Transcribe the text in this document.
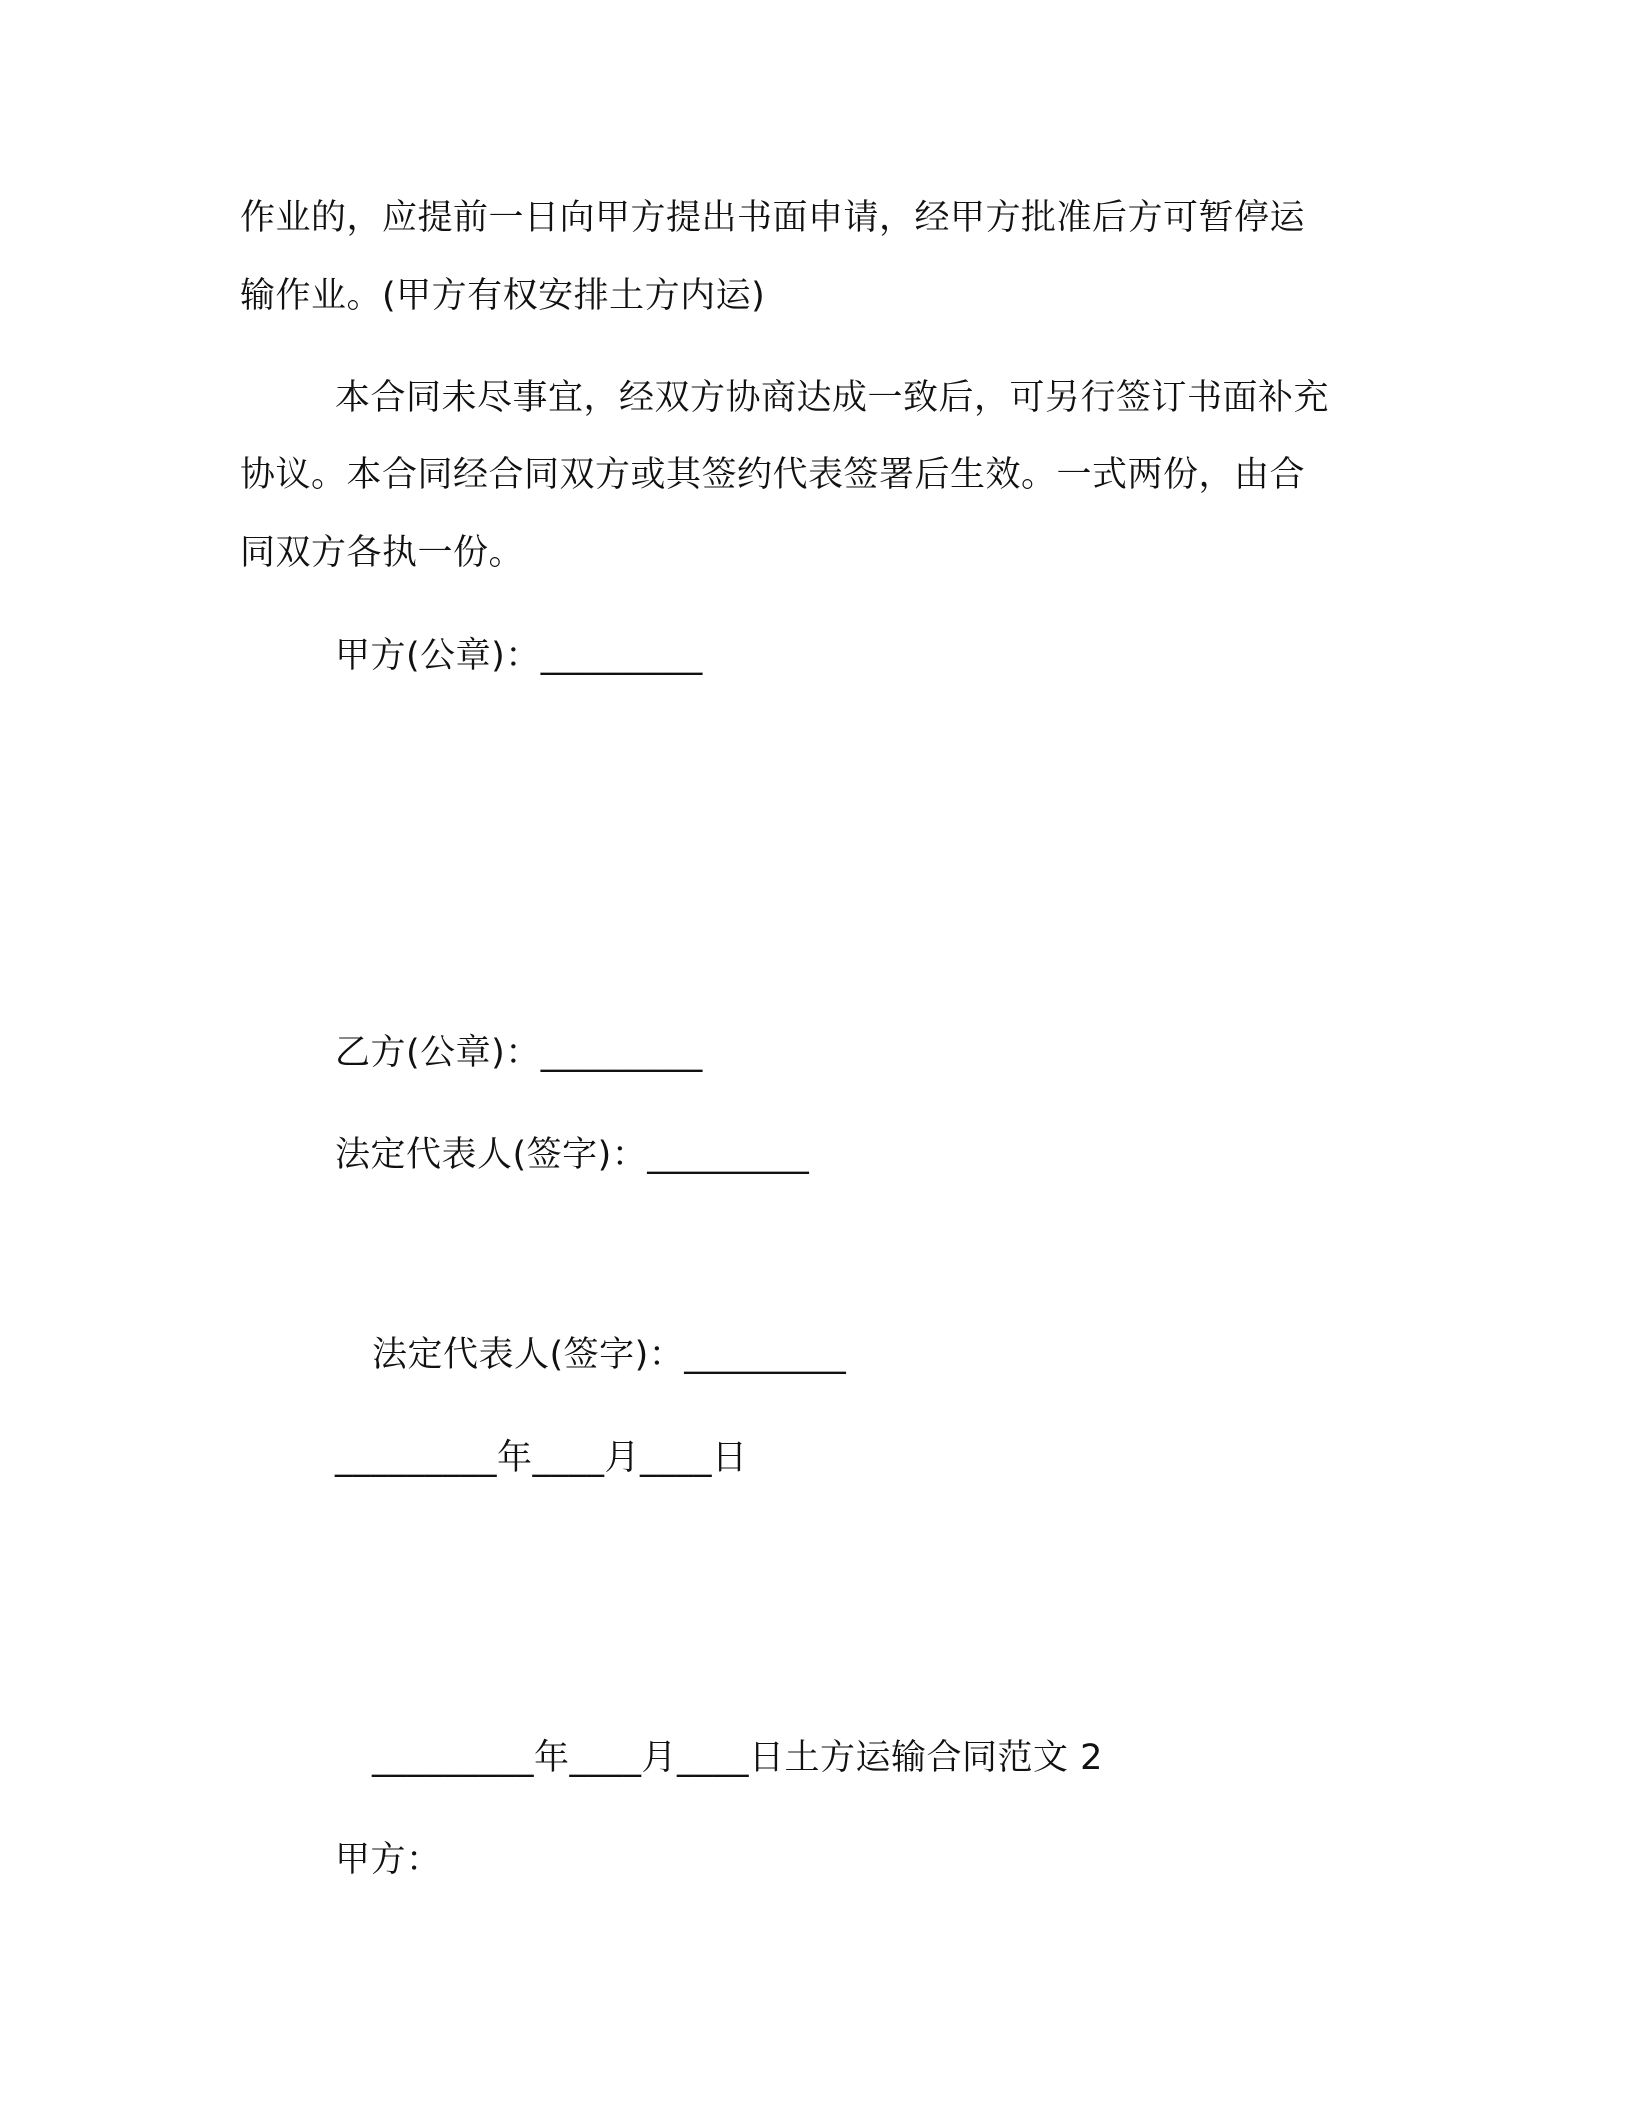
作业的，应提前一日向甲方提出书面申请，经甲方批准后方可暂停运
输作业。(甲方有权安排土方内运)
本合同未尽事宜，经双方协商达成一致后，可另行签订书面补充
协议。本合同经合同双方或其签约代表签署后生效。一式两份，由合
同双方各执一份。
甲方(公章)：_________
乙方(公章)：_________
法定代表人(签字)：_________
法定代表人(签字)：_________
_________年____月____日
_________年____月____日土方运输合同范文 2
甲方：
